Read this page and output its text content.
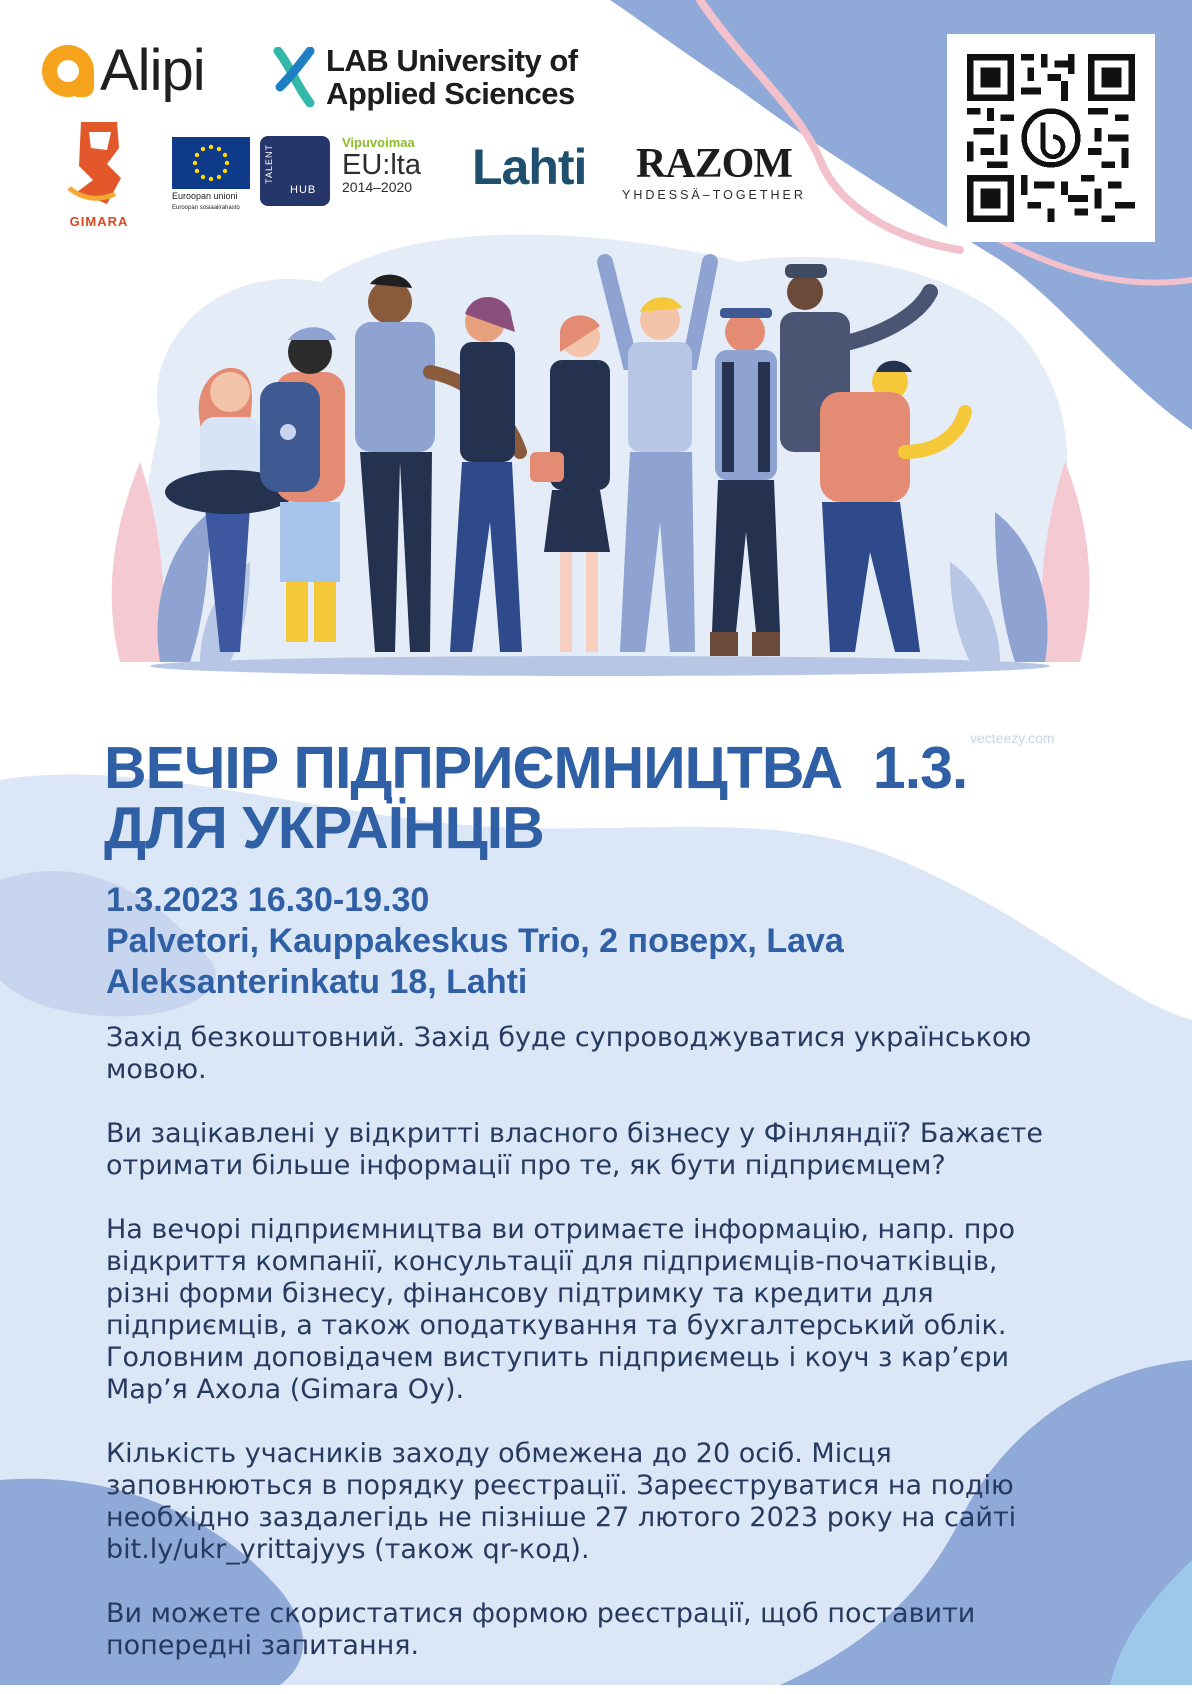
Alipi	LAB University of
Applied Sciences
GIMARA
Euroopan unioni
Euroopan sosiaalirahasto
TALENT
HUB
Vipuvoimaa
EU:lta
2014–2020 Lahti	RAZOM
YHDESSÄ–TOGETHER
vecteezy.com
ВЕЧІР ПІДПРИЄМНИЦТВА  1.3.
ДЛЯ УКРАЇНЦІВ
1.3.2023 16.30-19.30
Palvetori, Kauppakeskus Trio, 2 поверх, Lava
Aleksanterinkatu 18, Lahti

Захід безкоштовний. Захід буде супроводжуватися українською
мовою.

Ви зацікавлені у відкритті власного бізнесу у Фінляндії? Бажаєте
отримати більше інформації про те, як бути підприємцем?

На вечорі підприємництва ви отримаєте інформацію, напр. про
відкриття компанії, консультації для підприємців-початківців,
різні форми бізнесу, фінансову підтримку та кредити для
підприємців, а також оподаткування та бухгалтерський облік.
Головним доповідачем виступить підприємець і коуч з кар’єри
Мар’я Ахола (Gimara Oy).

Кількість учасників заходу обмежена до 20 осіб. Місця
заповнюються в порядку реєстрації. Зареєструватися на подію
необхідно заздалегідь не пізніше 27 лютого 2023 року на сайті
bit.ly/ukr_yrittajyys (також qr-код).

Ви можете скористатися формою реєстрації, щоб поставити
попередні запитання.
